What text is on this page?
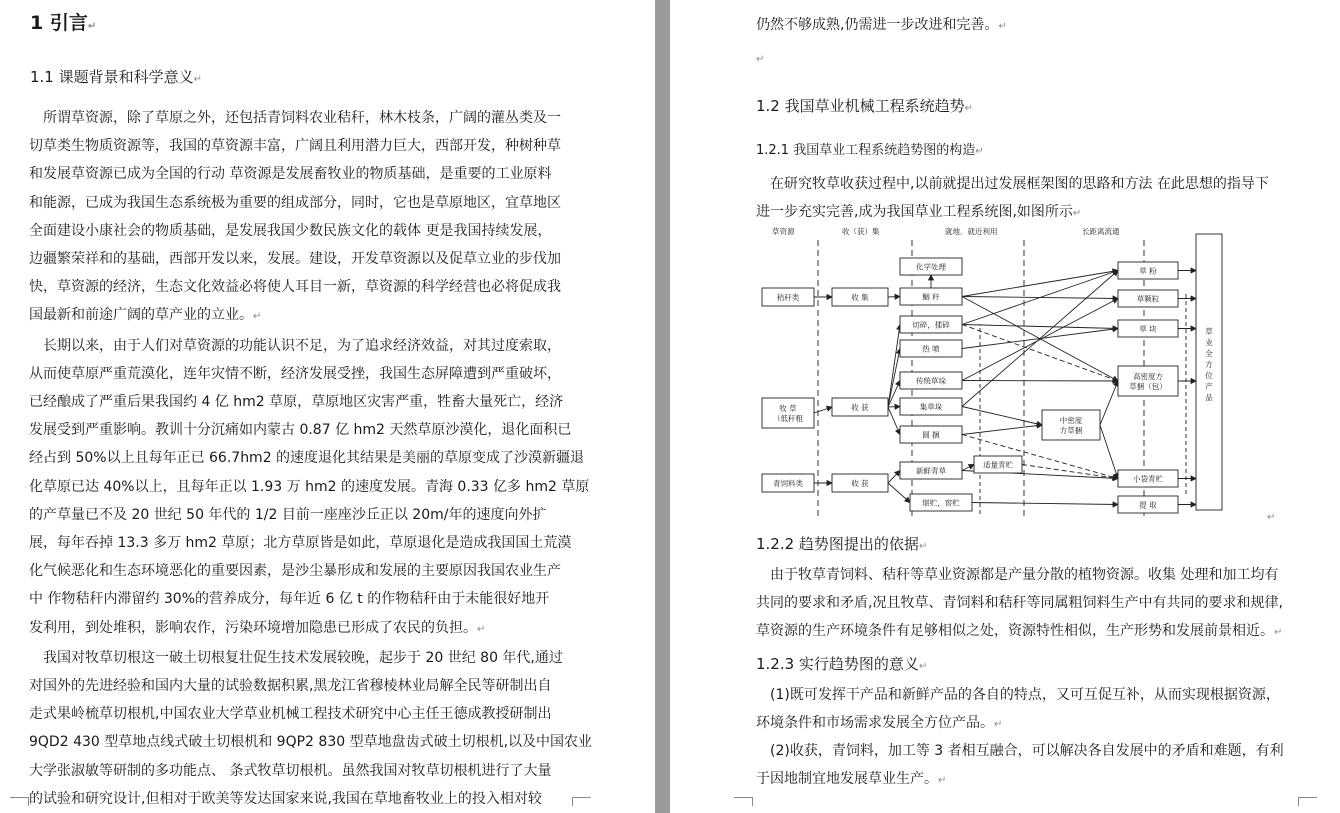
1 引言↵
1.1 课题背景和科学意义↵
所谓草资源，除了草原之外，还包括青饲料农业秸秆，林木枝条，广阔的灌丛类及一
切草类生物质资源等，我国的草资源丰富，广阔且利用潜力巨大，西部开发，种树种草
和发展草资源已成为全国的行动 草资源是发展畜牧业的物质基础，是重要的工业原料
和能源，已成为我国生态系统极为重要的组成部分，同时，它也是草原地区，宜草地区
全面建设小康社会的物质基础，是发展我国少数民族文化的载体 更是我国持续发展，
边疆繁荣祥和的基础，西部开发以来，发展。建设，开发草资源以及促草立业的步伐加
快，草资源的经济，生态文化效益必将使人耳目一新，草资源的科学经营也必将促成我
国最新和前途广阔的草产业的立业。↵
长期以来，由于人们对草资源的功能认识不足，为了追求经济效益，对其过度索取，
从而使草原严重荒漠化，连年灾情不断，经济发展受挫，我国生态屏障遭到严重破坏，
已经酿成了严重后果我国约 4 亿 hm2 草原，草原地区灾害严重，牲畜大量死亡，经济
发展受到严重影响。教训十分沉痛如内蒙古 0.87 亿 hm2 天然草原沙漠化，退化面积已
经占到 50%以上且每年正已 66.7hm2 的速度退化其结果是美丽的草原变成了沙漠新疆退
化草原已达 40%以上，且每年正以 1.93 万 hm2 的速度发展。青海 0.33 亿多 hm2 草原
的产草量已不及 20 世纪 50 年代的 1/2 目前一座座沙丘正以 20m/年的速度向外扩
展，每年吞掉 13.3 多万 hm2 草原；北方草原皆是如此，草原退化是造成我国国土荒漠
化气候恶化和生态环境恶化的重要因素，是沙尘暴形成和发展的主要原因我国农业生产
中 作物秸秆内滞留约 30%的营养成分，每年近 6 亿 t 的作物秸秆由于未能很好地开
发利用，到处堆积，影响农作，污染环境增加隐患已形成了农民的负担。↵
我国对牧草切根这一破土切根复壮促生技术发展较晚，起步于 20 世纪 80 年代,通过
对国外的先进经验和国内大量的试验数据积累,黑龙江省穆棱林业局解全民等研制出自
走式果岭梳草切根机,中国农业大学草业机械工程技术研究中心主任王德成教授研制出
9QD2 430 型草地点线式破土切根机和 9QP2 830 型草地盘齿式破土切根机,以及中国农业
大学张淑敏等研制的多功能点、 条式牧草切根机。虽然我国对牧草切根机进行了大量
的试验和研究设计,但相对于欧美等发达国家来说,我国在草地畜牧业上的投入相对较
仍然不够成熟,仍需进一步改进和完善。↵
↵
1.2 我国草业机械工程系统趋势↵
1.2.1 我国草业工程系统趋势图的构造↵
在研究牧草收获过程中,以前就提出过发展框架图的思路和方法 在此思想的指导下
进一步充实完善,成为我国草业工程系统图,如图所示↵
秸秆类
牧 草
（低秆粗
青饲料类
收 集
收 获
收 获
化学处理
鲴 秆
切碎，揉碎
热 喷
传统草垛
集草垛
圆 捆
新鲜青草
堪贮，窖贮
中密度
方草捆
适量青贮
草 粉
草颗粒
草 块
高密度方
草捆（包）
小袋青贮
提 取
草业全方位产品
草资源	收（获）集	就地．就近利用	长距离流通
↵
1.2.2 趋势图提出的依据↵
由于牧草青饲料、秸秆等草业资源都是产量分散的植物资源。收集 处理和加工均有
共同的要求和矛盾,况且牧草、青饲料和秸秆等同属粗饲料生产中有共同的要求和规律,
草资源的生产环境条件有足够相似之处，资源特性相似，生产形势和发展前景相近。↵
1.2.3 实行趋势图的意义↵
(1)既可发挥干产品和新鲜产品的各自的特点，又可互促互补，从而实现根据资源，
环境条件和市场需求发展全方位产品。↵
(2)收获，青饲料，加工等 3 者相互融合，可以解决各自发展中的矛盾和难题，有利
于因地制宜地发展草业生产。↵
